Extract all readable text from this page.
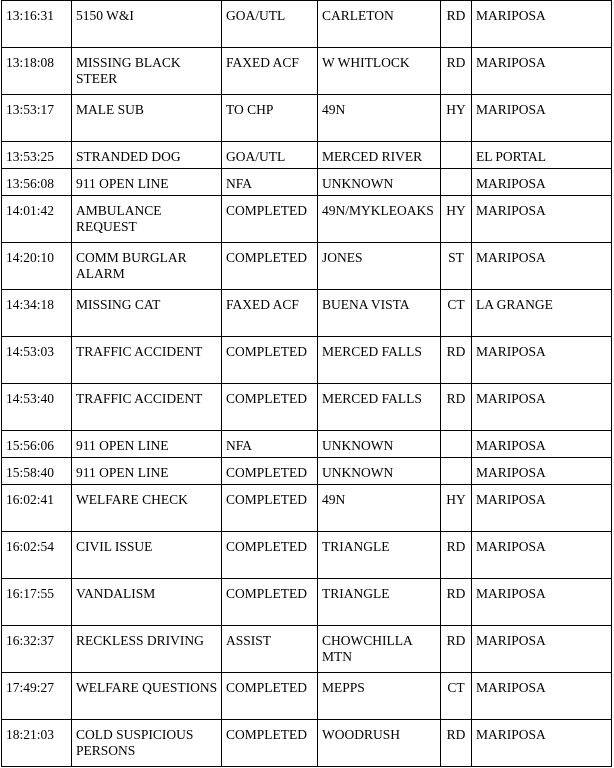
13:16:31	5150 W&I	GOA/UTL	CARLETON	RD	MARIPOSA
13:18:08	MISSING BLACK STEER	FAXED ACF	W WHITLOCK	RD	MARIPOSA
13:53:17	MALE SUB	TO CHP	49N	HY	MARIPOSA
13:53:25	STRANDED DOG	GOA/UTL	MERCED RIVER		EL PORTAL
13:56:08	911 OPEN LINE	NFA	UNKNOWN		MARIPOSA
14:01:42	AMBULANCE REQUEST	COMPLETED	49N/MYKLEOAKS	HY	MARIPOSA
14:20:10	COMM BURGLAR ALARM	COMPLETED	JONES	ST	MARIPOSA
14:34:18	MISSING CAT	FAXED ACF	BUENA VISTA	CT	LA GRANGE
14:53:03	TRAFFIC ACCIDENT	COMPLETED	MERCED FALLS	RD	MARIPOSA
14:53:40	TRAFFIC ACCIDENT	COMPLETED	MERCED FALLS	RD	MARIPOSA
15:56:06	911 OPEN LINE	NFA	UNKNOWN		MARIPOSA
15:58:40	911 OPEN LINE	COMPLETED	UNKNOWN		MARIPOSA
16:02:41	WELFARE CHECK	COMPLETED	49N	HY	MARIPOSA
16:02:54	CIVIL ISSUE	COMPLETED	TRIANGLE	RD	MARIPOSA
16:17:55	VANDALISM	COMPLETED	TRIANGLE	RD	MARIPOSA
16:32:37	RECKLESS DRIVING	ASSIST	CHOWCHILLA MTN	RD	MARIPOSA
17:49:27	WELFARE QUESTIONS	COMPLETED	MEPPS	CT	MARIPOSA
18:21:03	COLD SUSPICIOUS PERSONS	COMPLETED	WOODRUSH	RD	MARIPOSA
